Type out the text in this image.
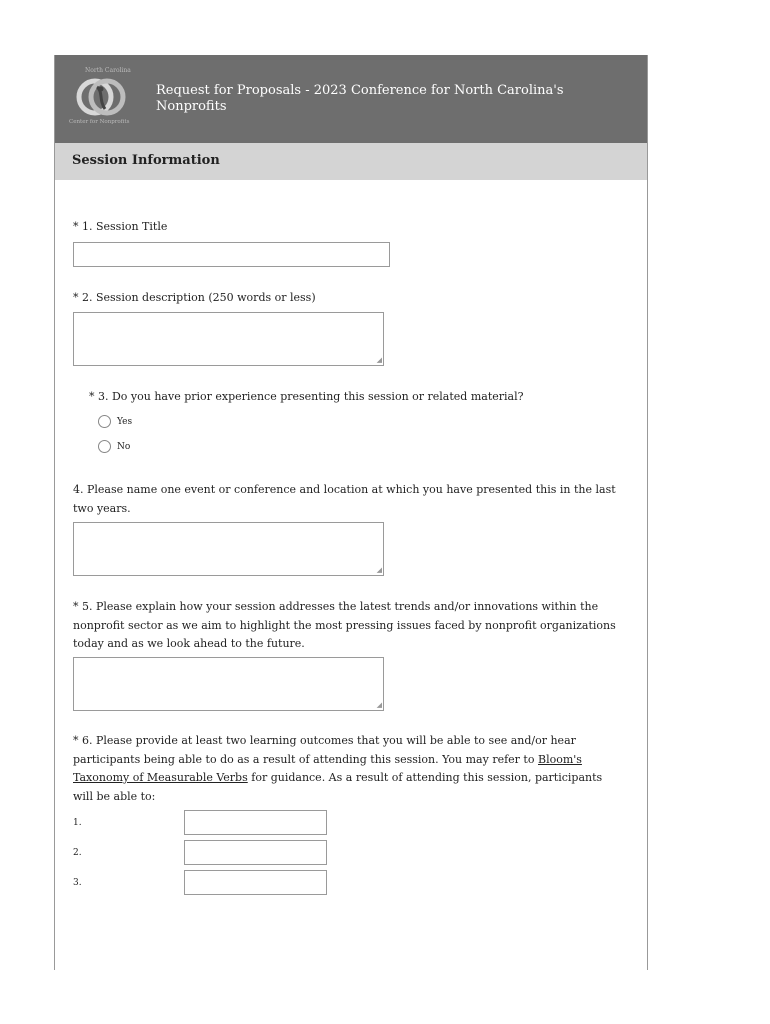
North Carolina
Center for Nonprofits
Request for Proposals - 2023 Conference for North Carolina's Nonprofits
Session Information
* 1. Session Title
* 2. Session description (250 words or less)
◢
* 3. Do you have prior experience presenting this session or related material?
Yes
No
4. Please name one event or conference and location at which you have presented this in the last two years.
◢
* 5. Please explain how your session addresses the latest trends and/or innovations within the nonprofit sector as we aim to highlight the most pressing issues faced by nonprofit organizations today and as we look ahead to the future.
◢
* 6. Please provide at least two learning outcomes that you will be able to see and/or hear participants being able to do as a result of attending this session. You may refer to Bloom's Taxonomy of Measurable Verbs for guidance. As a result of attending this session, participants will be able to:
1.
2.
3.
